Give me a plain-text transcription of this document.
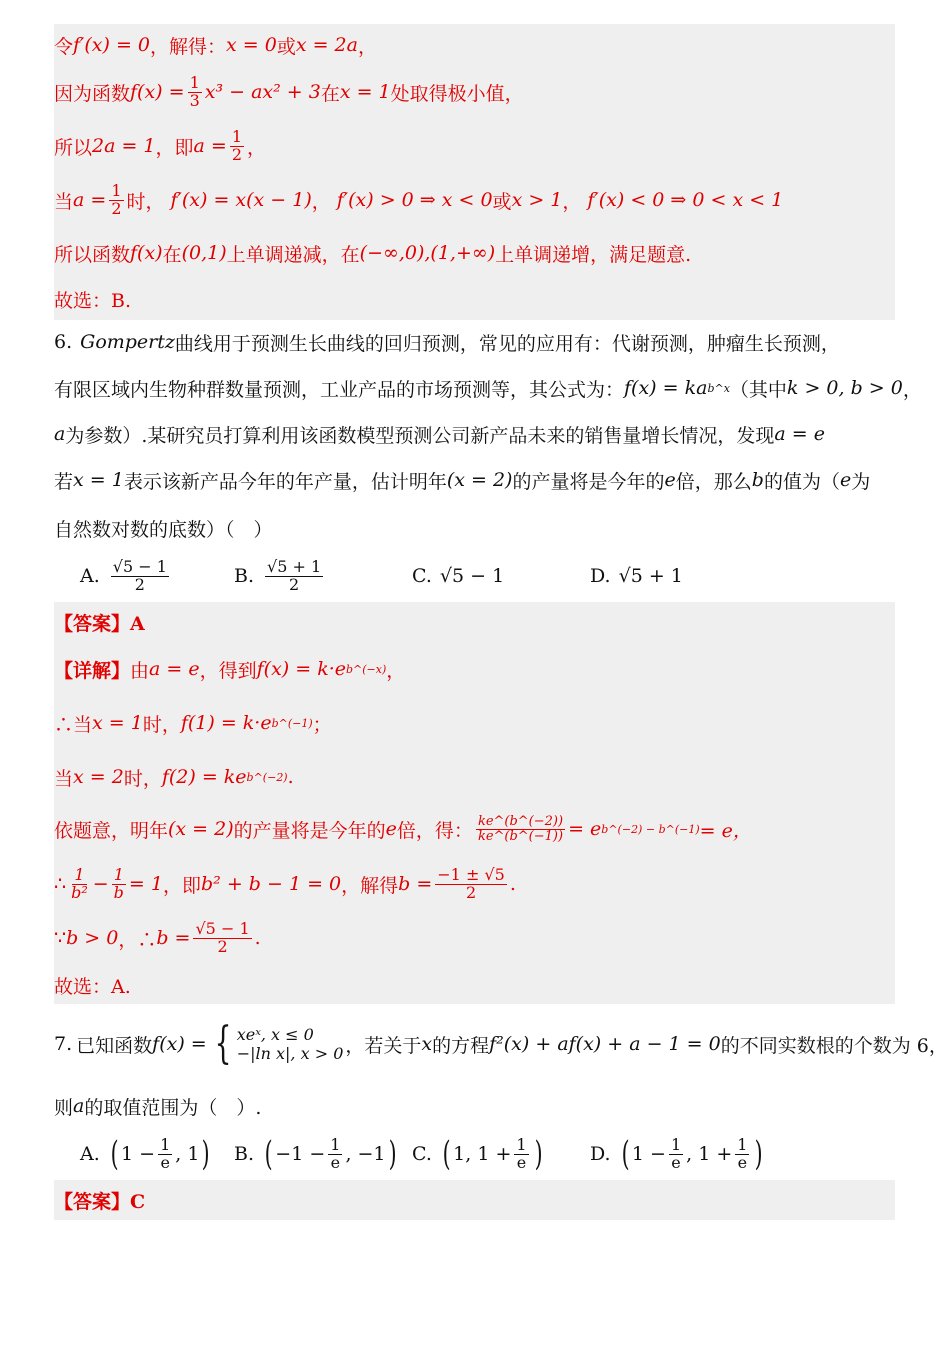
令 f′(x) = 0 ，解得： x = 0 或 x = 2a ，
因为函数 $f(x) = \frac{1}{3} x^3 - ax^2 + 3$ 在 x = 1 处取得极小值，
所以 2a = 1 ，即 $a = \frac{1}{2}$ ，
当 $a = \frac{1}{2}$ 时， f′(x) = x(x − 1) ， f′(x) > 0 ⇒ x < 0 或 x > 1 ， f′(x) < 0 ⇒ 0 < x < 1
所以函数 f(x) 在 (0,1) 上单调递减，在 (−∞,0),(1,+∞) 上单调递增，满足题意.
故选：B.
6. Gompertz 曲线用于预测生长曲线的回归预测，常见的应用有：代谢预测，肿瘤生长预测，
有限区域内生物种群数量预测，工业产品的市场预测等，其公式为： f(x) = ka b^x （其中 k > 0, b > 0 ，
a 为参数）.某研究员打算利用该函数模型预测公司新产品未来的销售量增长情况，发现 a = e
若 x = 1 表示该新产品今年的年产量，估计明年 (x = 2) 的产量将是今年的 e 倍，那么 b 的值为（ e 为
自然数对数的底数）（　）
A. $\frac{√5 - 1}{2}$	B. $\frac{√5 + 1}{2}$	C. √5 − 1	D. √5 + 1
【答案】A
【详解】 由 a = e ，得到 f(x) = k·e b^(−x) ，
∴当 x = 1 时， f(1) = k·e b^(−1) ；
当 x = 2 时， f(2) = ke b^(−2) .
依题意，明年 (x = 2) 的产量将是今年的 e 倍，得： $\frac{ke\^{}(b\^{}(-2))}{ke\^{}(b\^{}(-1))} = e$ b^(−2) − b^(−1) = e，
∴ $\frac{1}{\text{b²}} - \frac{1}{b} = 1$ ，即 b² + b − 1 = 0 ，解得 $b = \frac{-1 \pm √5}{2}$ .
∵ b > 0 ，∴ $b = \frac{√5 - 1}{2}$ .
故选：A.
7. 已知函数 f(x) = { xeˣ, x ≤ 0
−|ln x|, x > 0 ，若关于 x 的方程 f²(x) + af(x) + a − 1 = 0 的不同实数根的个数为 6，
则 a 的取值范围为（　）.
A. ( $1 - \frac{1}{e}$ , 1 ) B. ( $-1 - \frac{1}{e}$ , −1 ) C. ( 1, $1 + \frac{1}{e}$ )	D. ( $1 - \frac{1}{e}$ , $1 + \frac{1}{e}$ )
【答案】C
